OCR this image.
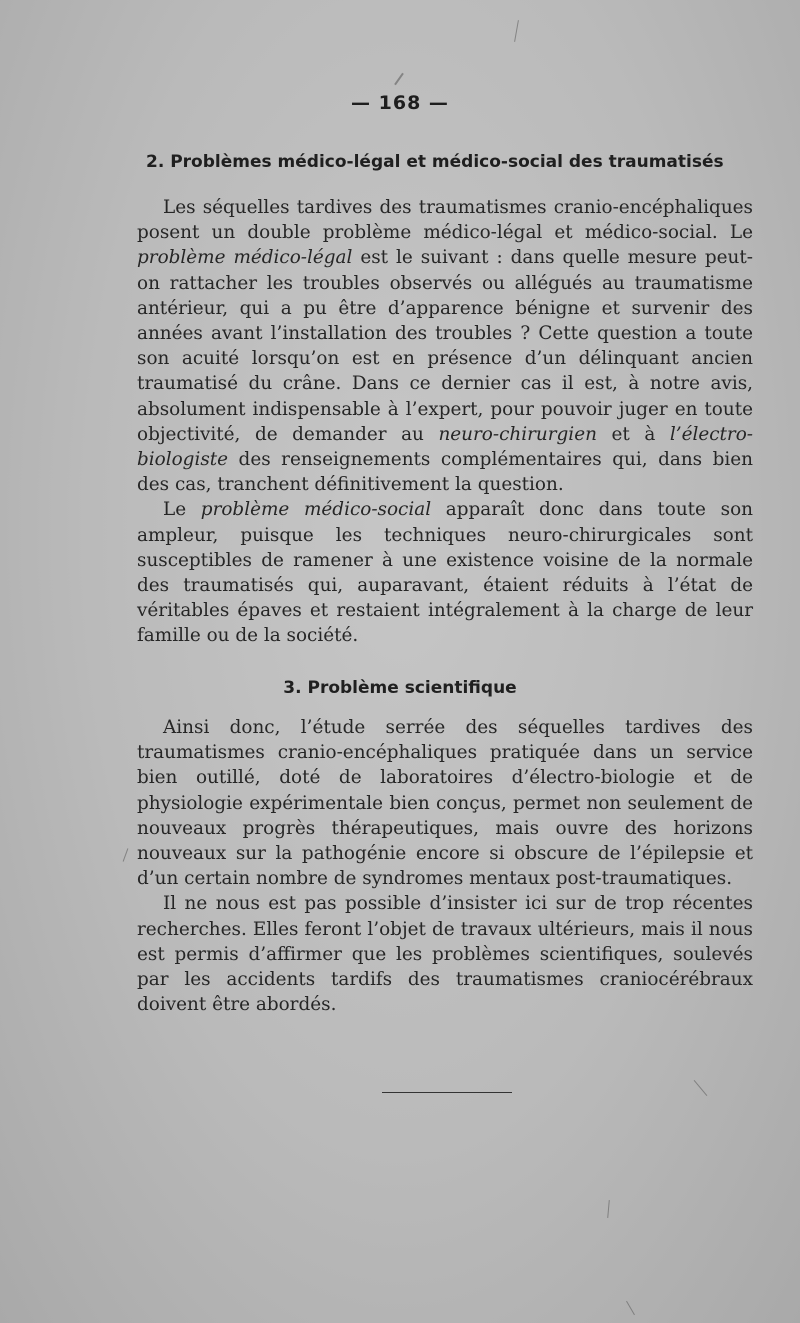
— 168 —
2. Problèmes médico-légal et médico-social des traumatisés

Les séquelles tardives des traumatismes cranio-encéphaliques posent un double problème médico-légal et médico-social. Le problème médico-légal est le suivant : dans quelle mesure peut-on rattacher les troubles observés ou allégués au traumatisme antérieur, qui a pu être d’apparence bénigne et survenir des années avant l’installation des troubles ? Cette question a toute son acuité lorsqu’on est en présence d’un délinquant ancien traumatisé du crâne. Dans ce dernier cas il est, à notre avis, absolument indispensable à l’expert, pour pouvoir juger en toute objectivité, de demander au neuro-chirurgien et à l’électro-biologiste des renseignements complémentaires qui, dans bien des cas, tranchent définitivement la question.

Le problème médico-social apparaît donc dans toute son ampleur, puisque les techniques neuro-chirurgicales sont susceptibles de ramener à une existence voisine de la normale des traumatisés qui, auparavant, étaient réduits à l’état de véritables épaves et restaient intégralement à la charge de leur famille ou de la société.

3. Problème scientifique

Ainsi donc, l’étude serrée des séquelles tardives des traumatismes cranio-encéphaliques pratiquée dans un service bien outillé, doté de laboratoires d’électro-biologie et de physiologie expérimentale bien conçus, permet non seulement de nouveaux progrès thérapeutiques, mais ouvre des horizons nouveaux sur la pathogénie encore si obscure de l’épilepsie et d’un certain nombre de syndromes mentaux post-traumatiques.

Il ne nous est pas possible d’insister ici sur de trop récentes recherches. Elles feront l’objet de travaux ultérieurs, mais il nous est permis d’affirmer que les problèmes scientifiques, soulevés par les accidents tardifs des traumatismes craniocérébraux doivent être abordés.
